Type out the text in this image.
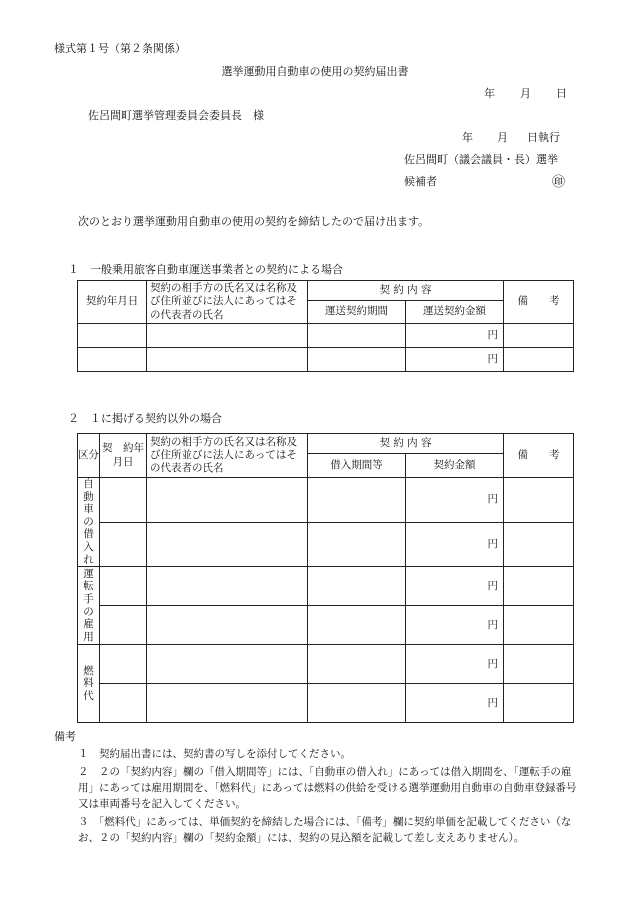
様式第１号（第２条関係）
選挙運動用自動車の使用の契約届出書
年 月 日
佐呂間町選挙管理委員会委員長　様
年 月 日執行
佐呂間町（議会議員・長）選挙
候補者	㊞
次のとおり選挙運動用自動車の使用の契約を締結したので届け出ます。
１　一般乗用旅客自動車運送事業者との契約による場合
契約年月日	契約の相手方の氏名又は名称及び住所並びに法人にあってはその代表者の氏名	契 約 内 容		備　　考
		運送契約期間	運送契約金額	
			円	
			円	
２　１に掲げる契約以外の場合
区分	契　約年月日	契約の相手方の氏名又は名称及び住所並びに法人にあってはその代表者の氏名	契 約 内 容		備　　考
			借入期間等	契約金額	
自動車の借入れ				円	
				円	
運転手の雇用				円	
				円	
燃料代				円	
				円	
備考
１　契約届出書には、契約書の写しを添付してください。
２　２の「契約内容」欄の「借入期間等」には、「自動車の借入れ」にあっては借入期間を、「運転手の雇用」にあっては雇用期間を、「燃料代」にあっては燃料の供給を受ける選挙運動用自動車の自動車登録番号又は車両番号を記入してください。
３　「燃料代」にあっては、単価契約を締結した場合には、「備考」欄に契約単価を記載してください（なお、２の「契約内容」欄の「契約金額」には、契約の見込額を記載して差し支えありません）。
